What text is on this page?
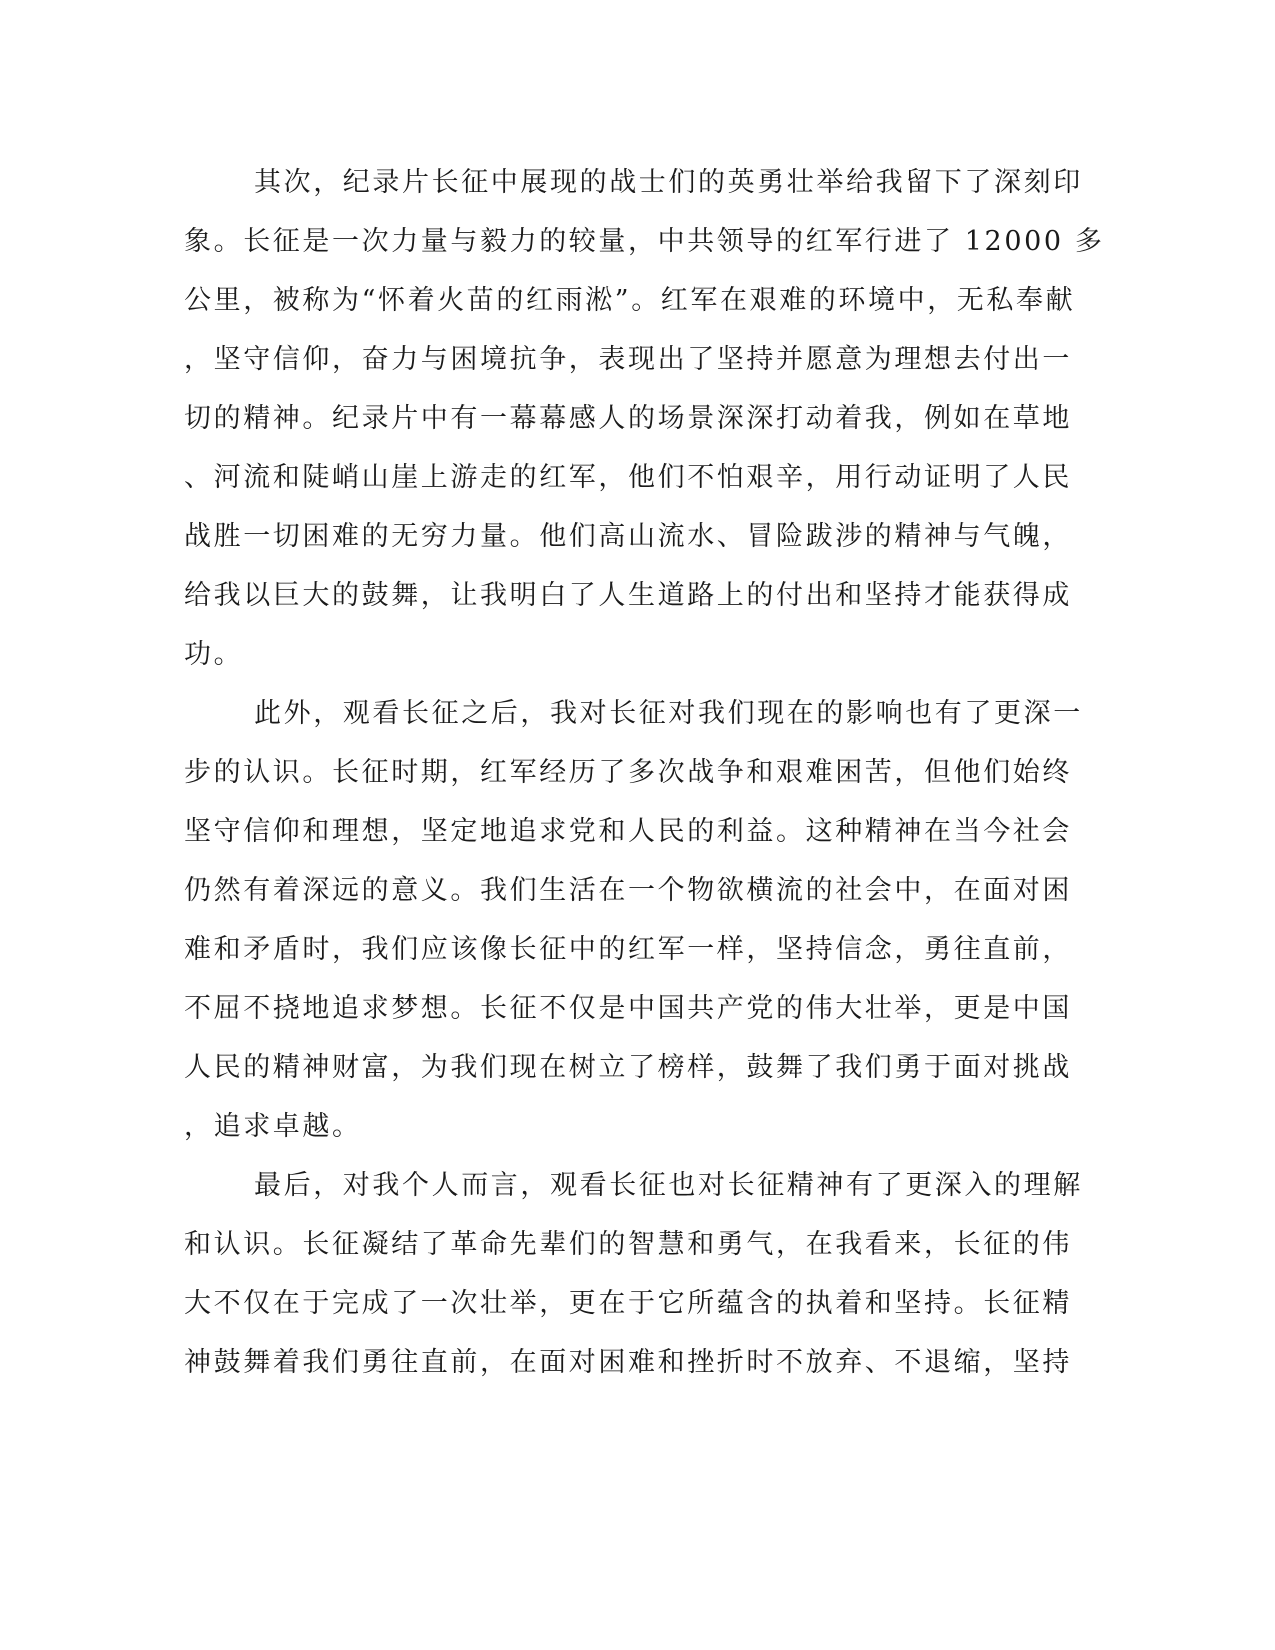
其次，纪录片长征中展现的战士们的英勇壮举给我留下了深刻印
象。长征是一次力量与毅力的较量，中共领导的红军行进了 12000 多
公里，被称为“怀着火苗的红雨淞”。红军在艰难的环境中，无私奉献
，坚守信仰，奋力与困境抗争，表现出了坚持并愿意为理想去付出一
切的精神。纪录片中有一幕幕感人的场景深深打动着我，例如在草地
、河流和陡峭山崖上游走的红军，他们不怕艰辛，用行动证明了人民
战胜一切困难的无穷力量。他们高山流水、冒险跋涉的精神与气魄，
给我以巨大的鼓舞，让我明白了人生道路上的付出和坚持才能获得成
功。
此外，观看长征之后，我对长征对我们现在的影响也有了更深一
步的认识。长征时期，红军经历了多次战争和艰难困苦，但他们始终
坚守信仰和理想，坚定地追求党和人民的利益。这种精神在当今社会
仍然有着深远的意义。我们生活在一个物欲横流的社会中，在面对困
难和矛盾时，我们应该像长征中的红军一样，坚持信念，勇往直前，
不屈不挠地追求梦想。长征不仅是中国共产党的伟大壮举，更是中国
人民的精神财富，为我们现在树立了榜样，鼓舞了我们勇于面对挑战
，追求卓越。
最后，对我个人而言，观看长征也对长征精神有了更深入的理解
和认识。长征凝结了革命先辈们的智慧和勇气，在我看来，长征的伟
大不仅在于完成了一次壮举，更在于它所蕴含的执着和坚持。长征精
神鼓舞着我们勇往直前，在面对困难和挫折时不放弃、不退缩，坚持
